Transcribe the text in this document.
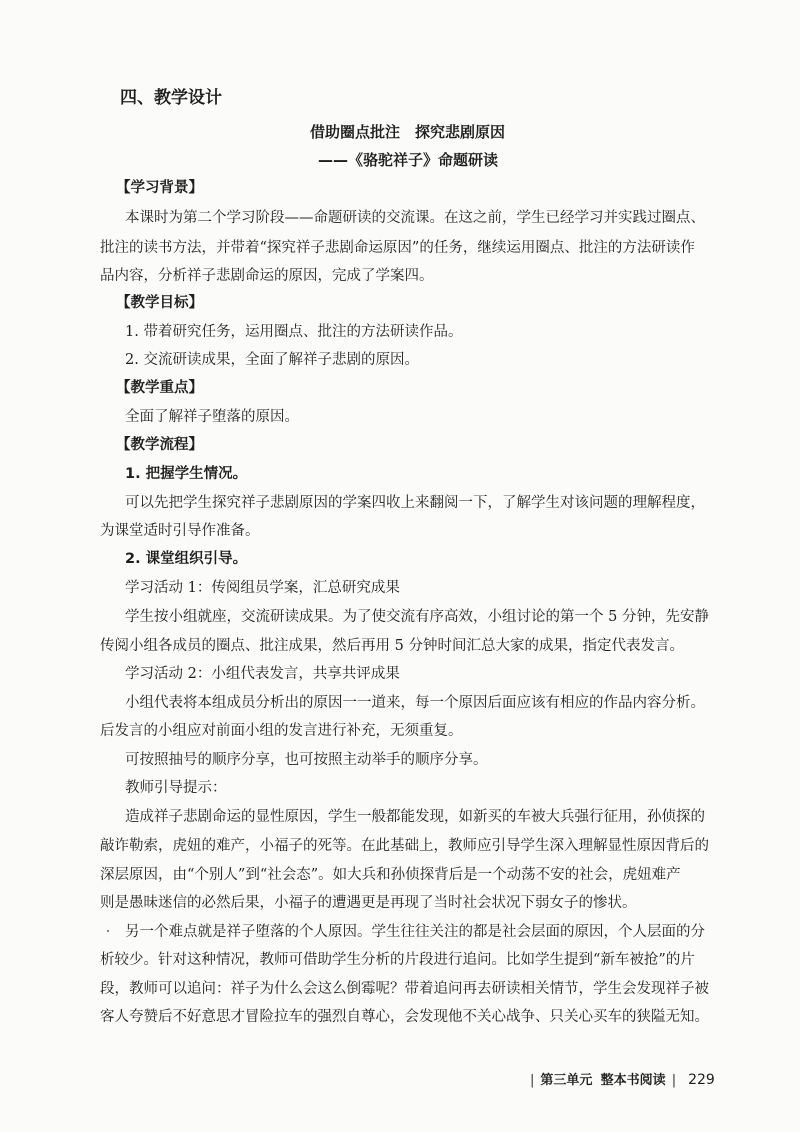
四、教学设计
借助圈点批注　探究悲剧原因
——《骆驼祥子》命题研读
【学习背景】
本课时为第二个学习阶段——命题研读的交流课。在这之前，学生已经学习并实践过圈点、
批注的读书方法，并带着“探究祥子悲剧命运原因”的任务，继续运用圈点、批注的方法研读作
品内容，分析祥子悲剧命运的原因，完成了学案四。
【教学目标】
1. 带着研究任务，运用圈点、批注的方法研读作品。
2. 交流研读成果，全面了解祥子悲剧的原因。
【教学重点】
全面了解祥子堕落的原因。
【教学流程】
1. 把握学生情况。
可以先把学生探究祥子悲剧原因的学案四收上来翻阅一下，了解学生对该问题的理解程度，
为课堂适时引导作准备。
2. 课堂组织引导。
学习活动 1：传阅组员学案，汇总研究成果
学生按小组就座，交流研读成果。为了使交流有序高效，小组讨论的第一个 5 分钟，先安静
传阅小组各成员的圈点、批注成果，然后再用 5 分钟时间汇总大家的成果，指定代表发言。
学习活动 2：小组代表发言，共享共评成果
小组代表将本组成员分析出的原因一一道来，每一个原因后面应该有相应的作品内容分析。
后发言的小组应对前面小组的发言进行补充，无须重复。
可按照抽号的顺序分享，也可按照主动举手的顺序分享。
教师引导提示：
造成祥子悲剧命运的显性原因，学生一般都能发现，如新买的车被大兵强行征用，孙侦探的
敲诈勒索，虎妞的难产，小福子的死等。在此基础上，教师应引导学生深入理解显性原因背后的
深层原因，由“个别人”到“社会态”。如大兵和孙侦探背后是一个动荡不安的社会，虎妞难产
则是愚昧迷信的必然后果，小福子的遭遇更是再现了当时社会状况下弱女子的惨状。
另一个难点就是祥子堕落的个人原因。学生往往关注的都是社会层面的原因，个人层面的分
析较少。针对这种情况，教师可借助学生分析的片段进行追问。比如学生提到“新车被抢”的片
段，教师可以追问：祥子为什么会这么倒霉呢？带着追问再去研读相关情节，学生会发现祥子被
客人夸赞后不好意思才冒险拉车的强烈自尊心，会发现他不关心战争、只关心买车的狭隘无知。
| 第三单元 整本书阅读 | 229
